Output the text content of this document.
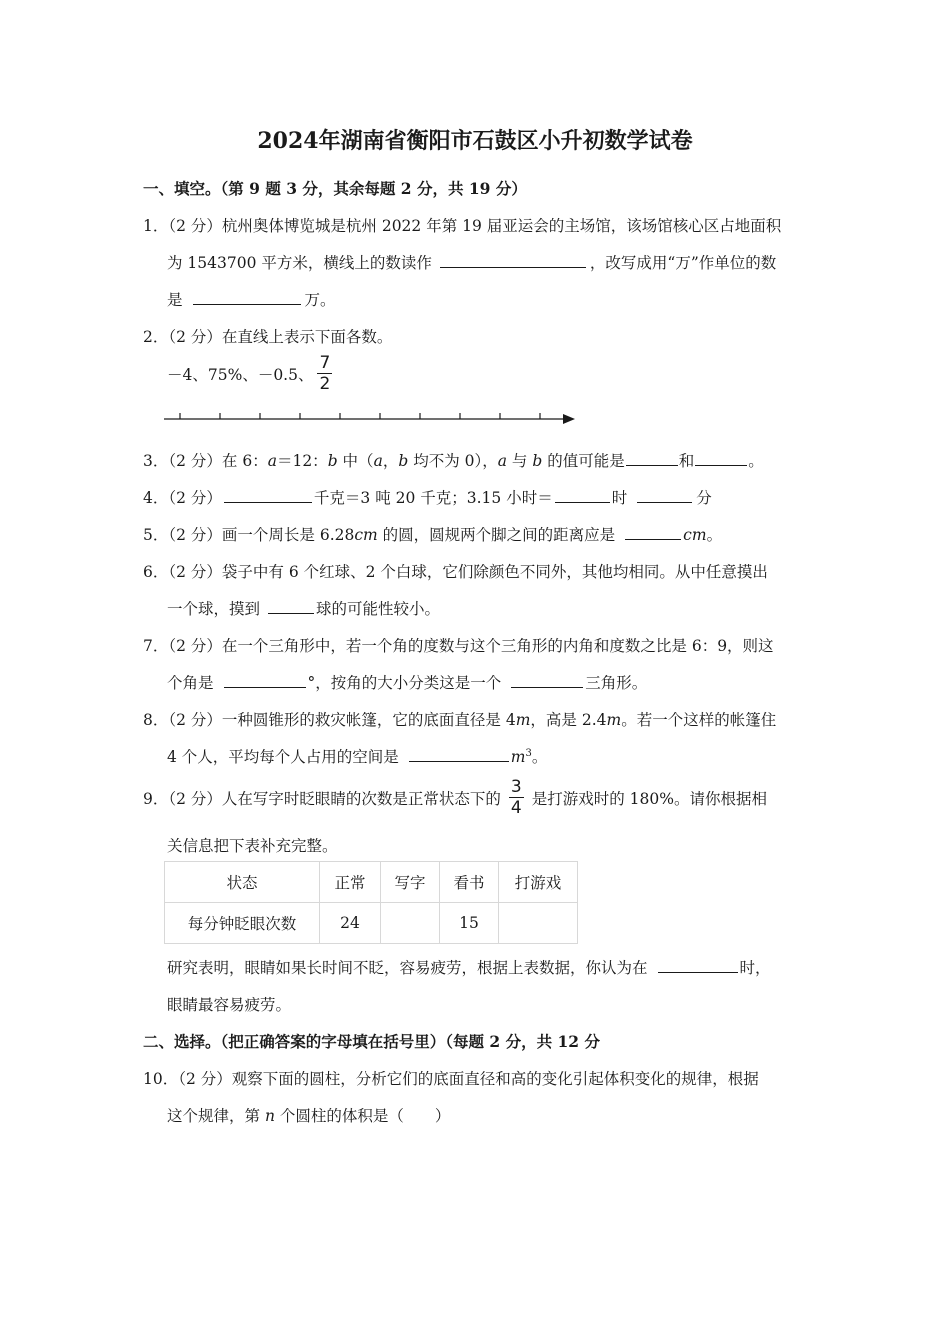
2024年湖南省衡阳市石鼓区小升初数学试卷
一、填空。（第 9 题 3 分，其余每题 2 分，共 19 分）
1．（2 分）杭州奥体博览城是杭州 2022 年第 19 届亚运会的主场馆，该场馆核心区占地面积
为 1543700 平方米，横线上的数读作	，改写成用“万”作单位的数
是	万。
2．（2 分）在直线上表示下面各数。
－4、75%、－0.5、 $\frac{7}{2}$
3．（2 分）在 6：a＝12：b 中（a，b 均不为 0），a 与 b 的值可能是	和	。
4．（2 分）	千克＝3 吨 20 千克；3.15 小时＝	时	分
5．（2 分）画一个周长是 6.28cm 的圆，圆规两个脚之间的距离应是	cm。
6．（2 分）袋子中有 6 个红球、2 个白球，它们除颜色不同外，其他均相同。从中任意摸出
一个球，摸到	球的可能性较小。
7．（2 分）在一个三角形中，若一个角的度数与这个三角形的内角和度数之比是 6：9，则这
个角是	°，按角的大小分类这是一个	三角形。
8．（2 分）一种圆锥形的救灾帐篷，它的底面直径是 4m，高是 2.4m。若一个这样的帐篷住
4 个人，平均每个人占用的空间是	$m^3$。
9．（2 分）人在写字时眨眼睛的次数是正常状态下的 $\frac{3}{4}$ 是打游戏时的 180%。请你根据相
关信息把下表补充完整。
状态	正常	写字	看书	打游戏
每分钟眨眼次数	24		15	
研究表明，眼睛如果长时间不眨，容易疲劳，根据上表数据，你认为在	时，
眼睛最容易疲劳。
二、选择。（把正确答案的字母填在括号里）（每题 2 分，共 12 分
10．（2 分）观察下面的圆柱，分析它们的底面直径和高的变化引起体积变化的规律，根据
这个规律，第 n 个圆柱的体积是（　　）
